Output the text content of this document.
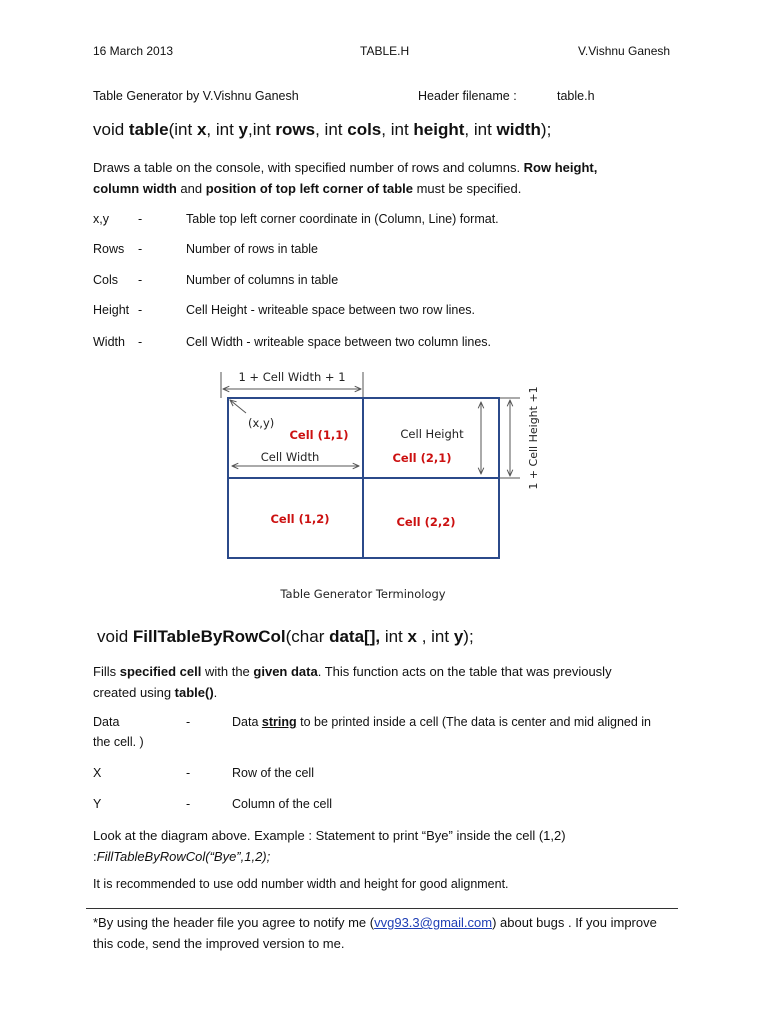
16 March 2013	TABLE.H	V.Vishnu Ganesh
Table Generator by V.Vishnu Ganesh	Header filename :	table.h
void table(int x, int y,int rows, int cols, int height, int width);
Draws a table on the console, with specified number of rows and columns. Row height,
column width and position of top left corner of table must be specified.
x,y -	Table top left corner coordinate in (Column, Line) format.
Rows -	Number of rows in table
Cols -	Number of columns in table
Height -	Cell Height - writeable space between two row lines.
Width -	Cell Width - writeable space between two column lines.
1 + Cell Width + 1
(x,y)
Cell (1,1)
Cell (2,1)
Cell (1,2)	Cell (2,2)
Cell Height
Cell Width	1 + Cell Height +1
Table Generator Terminology
void FillTableByRowCol(char data[], int x , int y);
Fills specified cell with the given data. This function acts on the table that was previously
created using table().
Data	-	Data string to be printed inside a cell (The data is center and mid aligned in
the cell. )
X	-	Row of the cell
Y	-	Column of the cell
Look at the diagram above. Example : Statement to print “Bye” inside the cell (1,2)
:FillTableByRowCol(“Bye”,1,2);
It is recommended to use odd number width and height for good alignment.
*By using the header file you agree to notify me (vvg93.3@gmail.com) about bugs . If you improve
this code, send the improved version to me.
